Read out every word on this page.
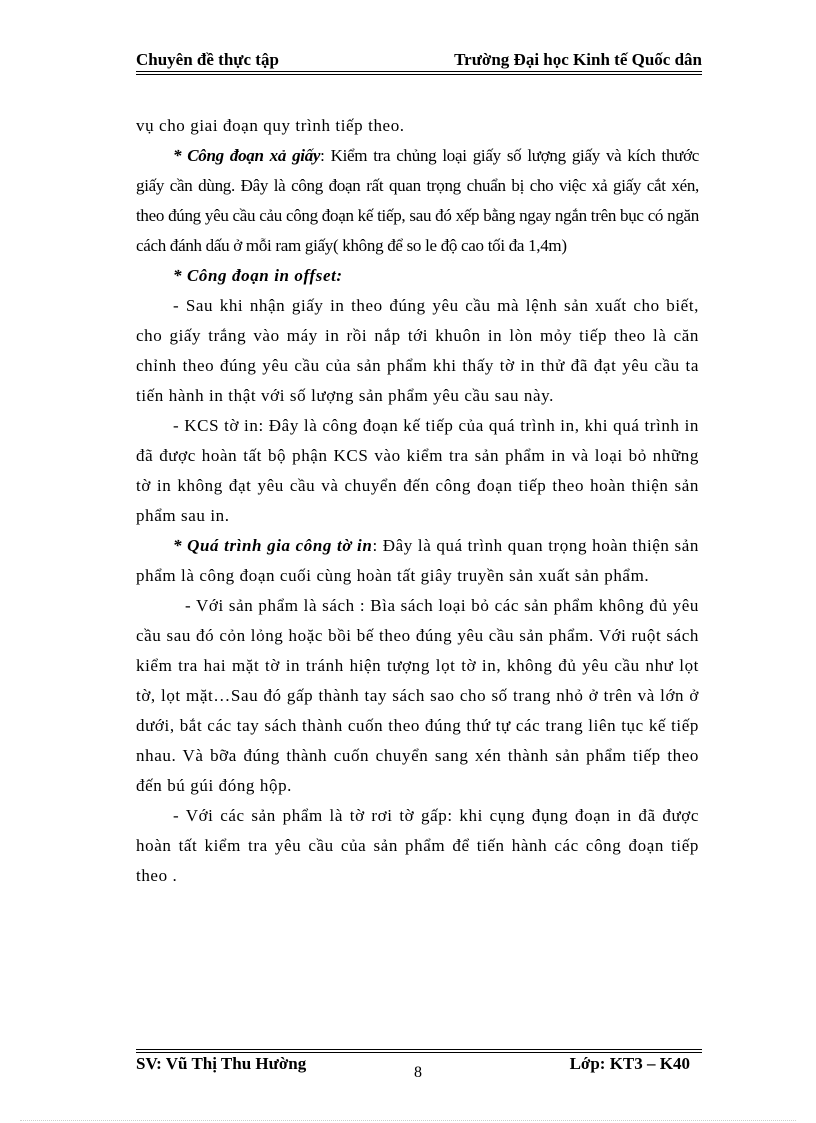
Chuyên đề thực tập	Trường Đại học Kinh tế Quốc dân

vụ cho giai đoạn quy trình tiếp theo.

* Công đoạn xả giấy: Kiểm tra chủng loại giấy số lượng giấy và kích thước giấy cần dùng. Đây là công đoạn rất quan trọng chuẩn bị cho việc xả giấy cắt xén, theo đúng yêu cầu cảu công đoạn kế tiếp, sau đó xếp bằng ngay ngắn trên bục có ngăn cách đánh dấu ở mỗi ram giấy( không để so le độ cao tối đa 1,4m)

* Công đoạn in offset:

- Sau khi nhận giấy in theo đúng yêu cầu mà lệnh sản xuất cho biết, cho giấy trắng vào máy in rồi nắp tới khuôn in lòn mỏy tiếp theo là căn chỉnh theo đúng yêu cầu của sản phẩm khi thấy tờ in thử đã đạt yêu cầu ta tiến hành in thật với số lượng sản phẩm yêu cầu sau này.

- KCS tờ in: Đây là công đoạn kế tiếp của quá trình in, khi quá trình in đã được hoàn tất bộ phận KCS vào kiểm tra sản phẩm in và loại bỏ những tờ in không đạt yêu cầu và chuyển đến công đoạn tiếp theo hoàn thiện sản phẩm sau in.

* Quá trình gia công tờ in: Đây là quá trình quan trọng hoàn thiện sản phẩm là công đoạn cuối cùng hoàn tất giây truyền sản xuất sản phẩm.

- Với sản phẩm là sách : Bìa sách loại bỏ các sản phẩm không đủ yêu cầu sau đó cỏn lỏng hoặc bồi bế theo đúng yêu cầu sản phẩm. Với ruột sách kiểm tra hai mặt tờ in tránh hiện tượng lọt tờ in, không đủ yêu cầu như lọt tờ, lọt mặt…Sau đó gấp thành tay sách sao cho số trang nhỏ ở trên và lớn ở dưới, bắt các tay sách thành cuốn theo đúng thứ tự các trang liên tục kế tiếp nhau. Và bỡa đúng thành cuốn chuyển sang xén thành sản phẩm tiếp theo đến bú gúi đóng hộp.

- Với các sản phẩm là tờ rơi tờ gấp: khi cụng đụng đoạn in đã được hoàn tất kiểm tra yêu cầu của sản phẩm để tiến hành các công đoạn tiếp theo .

SV: Vũ Thị Thu Hường	8	Lớp: KT3 – K40
